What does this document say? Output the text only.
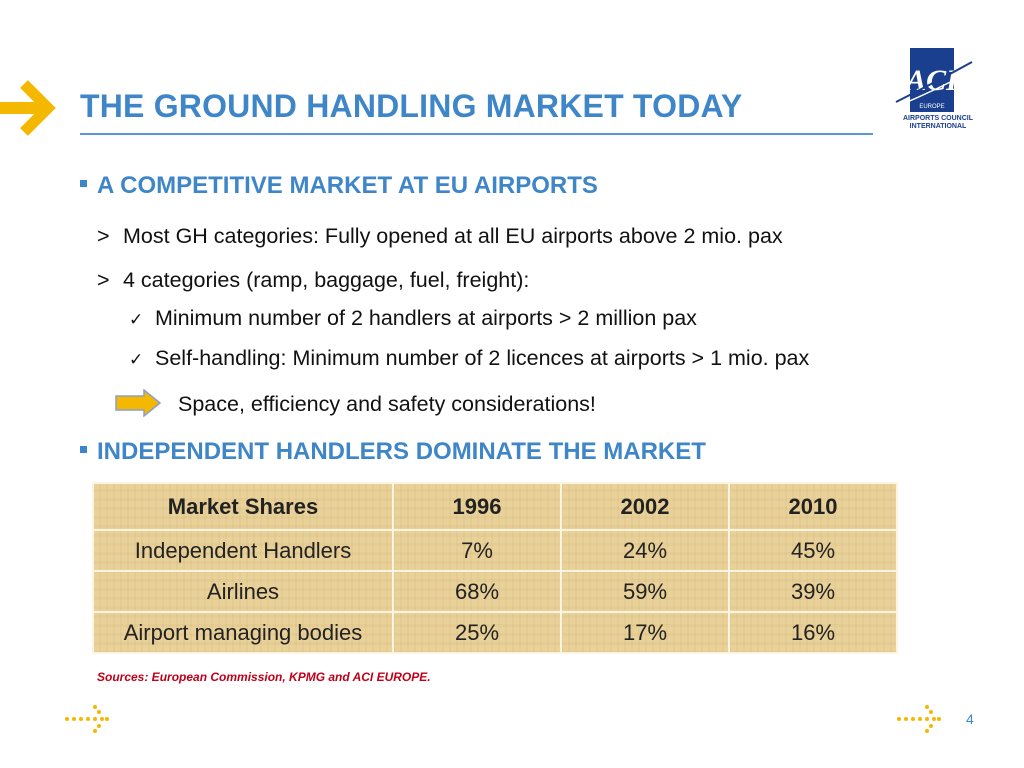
THE GROUND HANDLING MARKET TODAY
ACI
EUROPE
AIRPORTS COUNCIL
INTERNATIONAL
A COMPETITIVE MARKET AT EU AIRPORTS
> Most GH categories: Fully opened at all EU airports above 2 mio. pax
> 4 categories (ramp, baggage, fuel, freight):
✓ Minimum number of 2 handlers at airports > 2 million pax
✓ Self-handling: Minimum number of 2 licences at airports > 1 mio. pax
Space, efficiency and safety considerations!
INDEPENDENT HANDLERS DOMINATE THE MARKET
Market Shares	1996	2002	2010
Independent Handlers	7%	24%	45%
Airlines	68%	59%	39%
Airport managing bodies	25%	17%	16%
Sources: European Commission, KPMG and ACI EUROPE.
4
